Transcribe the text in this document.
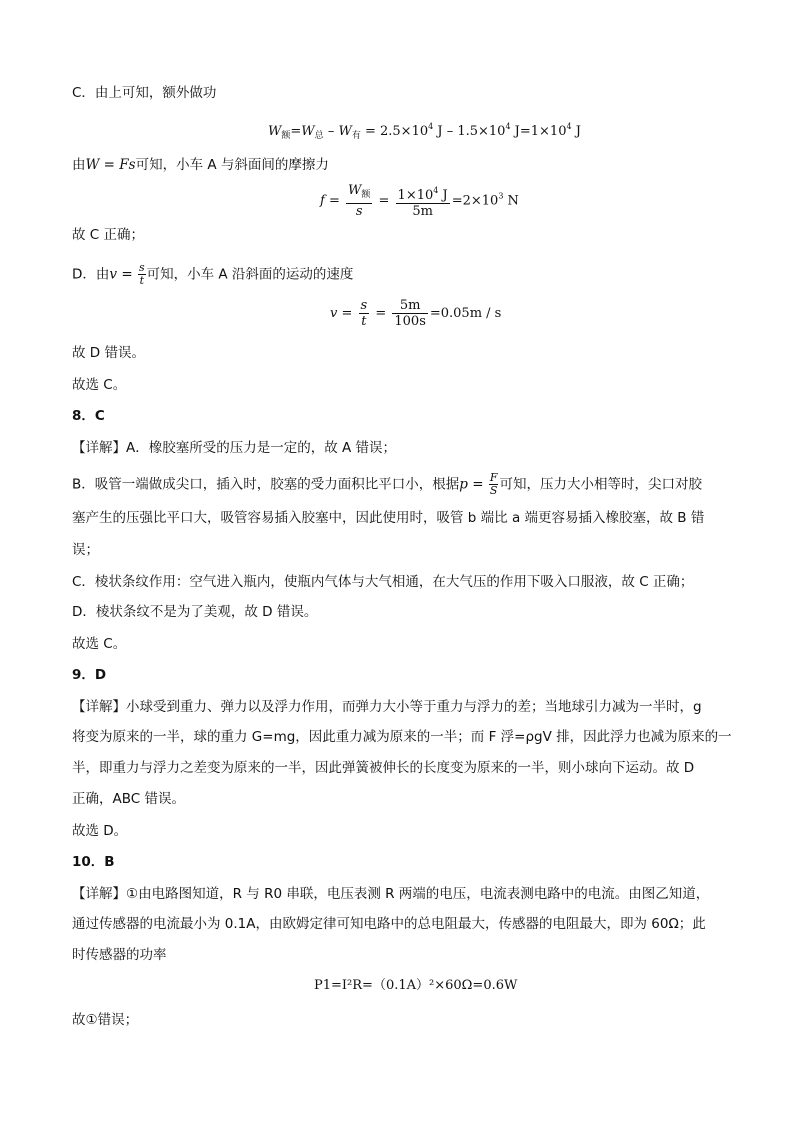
C．由上可知，额外做功
$W_额=W_总 - W_有 = 2.5\times 10^4$ $J - 1.5\times 10^4$ $J=1\times 10^4$ J
由W = Fs可知，小车 A 与斜面间的摩擦力
$f = \frac{W_额}{s} = \frac{1\times 10^4 J}{5m} =2\times 10^3$ N
故 C 正确；
D．由$v = \frac{s}{t}$ 可知，小车 A 沿斜面的运动的速度
$v = \frac{s}{t} = \frac{5m}{100s} =0.05m / s$
故 D 错误。
故选 C。
8．C
【详解】A．橡胶塞所受的压力是一定的，故 A 错误；
B．吸管一端做成尖口，插入时，胶塞的受力面积比平口小，根据$p = \frac{F}{S}$ 可知，压力大小相等时，尖口对胶
塞产生的压强比平口大，吸管容易插入胶塞中，因此使用时，吸管 b 端比 a 端更容易插入橡胶塞，故 B 错
误；
C．棱状条纹作用：空气进入瓶内，使瓶内气体与大气相通，在大气压的作用下吸入口服液，故 C 正确；
D．棱状条纹不是为了美观，故 D 错误。
故选 C。
9．D
【详解】小球受到重力、弹力以及浮力作用，而弹力大小等于重力与浮力的差；当地球引力减为一半时，g
将变为原来的一半，球的重力 G=mg，因此重力减为原来的一半；而 F 浮=ρgV 排，因此浮力也减为原来的一
半，即重力与浮力之差变为原来的一半，因此弹簧被伸长的长度变为原来的一半，则小球向下运动。故 D
正确，ABC 错误。
故选 D。
10．B
【详解】①由电路图知道，R 与 R0 串联，电压表测 R 两端的电压，电流表测电路中的电流。由图乙知道，
通过传感器的电流最小为 0.1A，由欧姆定律可知电路中的总电阻最大，传感器的电阻最大，即为 60Ω；此
时传感器的功率
P1=I²R=（0.1A）²×60Ω=0.6W
故①错误；
